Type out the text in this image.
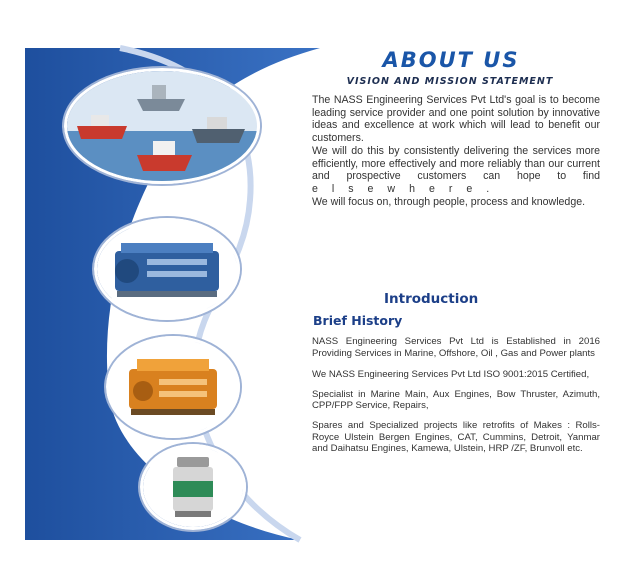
ABOUT US
VISION AND MISSION STATEMENT

The NASS Engineering Services Pvt Ltd's goal is to become leading service provider and one point solution by innovative ideas and excellence at work which will lead to benefit our customers.

We will do this by consistently delivering the services more efficiently, more effectively and more reliably than our current and prospective customers can hope to find elsewhere.

We will focus on, through people, process and knowledge.

Introduction
Brief History

NASS Engineering Services Pvt Ltd is Established in 2016 Providing Services in Marine, Offshore, Oil , Gas and Power plants

We NASS Engineering Services Pvt Ltd ISO 9001:2015 Certified,

Specialist in Marine Main, Aux Engines, Bow Thruster, Azimuth, CPP/FPP Service, Repairs,

Spares and Specialized projects like retrofits of Makes : Rolls-Royce Ulstein Bergen Engines, CAT, Cummins, Detroit, Yanmar and Daihatsu Engines, Kamewa, Ulstein, HRP /ZF, Brunvoll etc.
